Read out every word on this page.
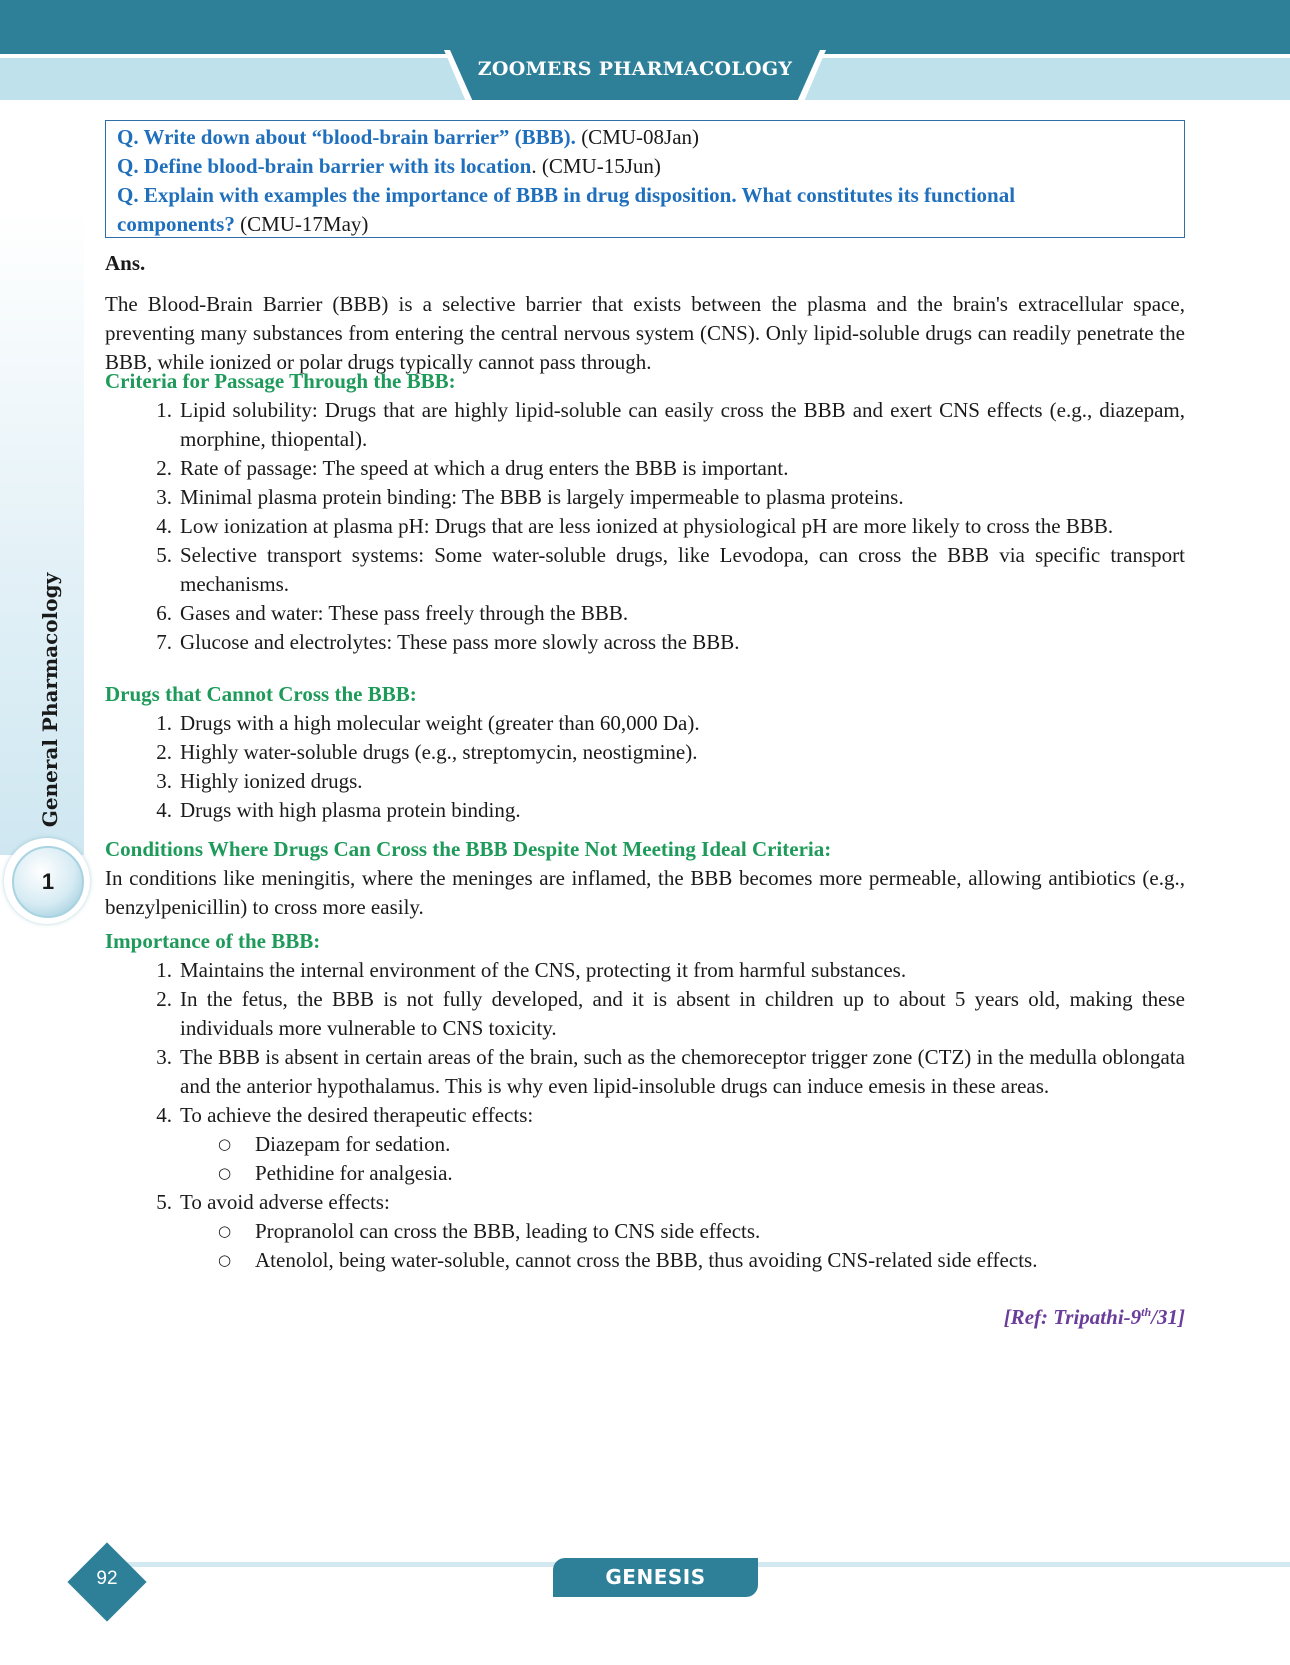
ZOOMERS PHARMACOLOGY
General Pharmacology
1
Q. Write down about “blood-brain barrier” (BBB). (CMU-08Jan)
Q. Define blood-brain barrier with its location. (CMU-15Jun)
Q. Explain with examples the importance of BBB in drug disposition. What constitutes its functional
components? (CMU-17May)
Ans.
The Blood-Brain Barrier (BBB) is a selective barrier that exists between the plasma and the brain's extracellular space, preventing many substances from entering the central nervous system (CNS). Only lipid-soluble drugs can readily penetrate the BBB, while ionized or polar drugs typically cannot pass through.
Criteria for Passage Through the BBB:
1. Lipid solubility: Drugs that are highly lipid-soluble can easily cross the BBB and exert CNS effects (e.g., diazepam, morphine, thiopental).
2. Rate of passage: The speed at which a drug enters the BBB is important.
3. Minimal plasma protein binding: The BBB is largely impermeable to plasma proteins.
4. Low ionization at plasma pH: Drugs that are less ionized at physiological pH are more likely to cross the BBB.
5. Selective transport systems: Some water-soluble drugs, like Levodopa, can cross the BBB via specific transport mechanisms.
6. Gases and water: These pass freely through the BBB.
7. Glucose and electrolytes: These pass more slowly across the BBB.
Drugs that Cannot Cross the BBB:
1. Drugs with a high molecular weight (greater than 60,000 Da).
2. Highly water-soluble drugs (e.g., streptomycin, neostigmine).
3. Highly ionized drugs.
4. Drugs with high plasma protein binding.
Conditions Where Drugs Can Cross the BBB Despite Not Meeting Ideal Criteria:
In conditions like meningitis, where the meninges are inflamed, the BBB becomes more permeable, allowing antibiotics (e.g., benzylpenicillin) to cross more easily.
Importance of the BBB:
1. Maintains the internal environment of the CNS, protecting it from harmful substances.
2. In the fetus, the BBB is not fully developed, and it is absent in children up to about 5 years old, making these individuals more vulnerable to CNS toxicity.
3. The BBB is absent in certain areas of the brain, such as the chemoreceptor trigger zone (CTZ) in the medulla oblongata and the anterior hypothalamus. This is why even lipid-insoluble drugs can induce emesis in these areas.
4. To achieve the desired therapeutic effects:
○ Diazepam for sedation.
○ Pethidine for analgesia.
5. To avoid adverse effects:
○ Propranolol can cross the BBB, leading to CNS side effects.
○ Atenolol, being water-soluble, cannot cross the BBB, thus avoiding CNS-related side effects.
[Ref: Tripathi-9th/31]
92	GENESIS
